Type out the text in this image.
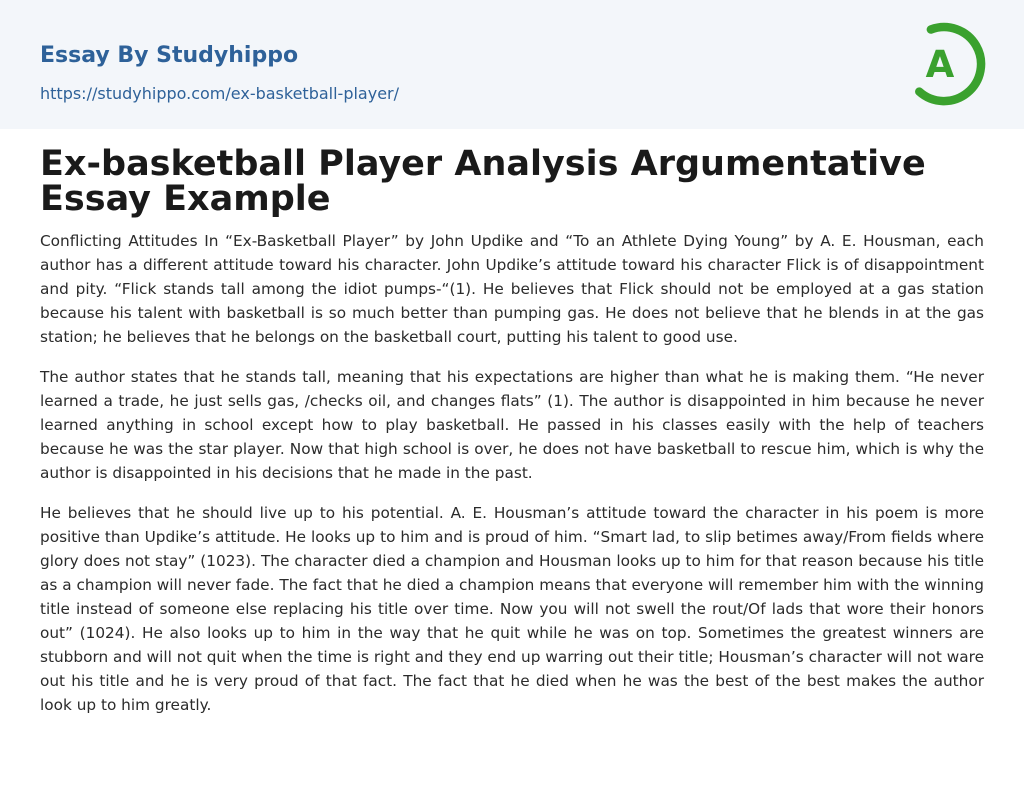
Essay By Studyhippo
https://studyhippo.com/ex-basketball-player/
A
Ex-basketball Player Analysis Argumentative Essay Example

Conflicting Attitudes In “Ex-Basketball Player” by John Updike and “To an Athlete Dying Young” by A. E. Housman, each author has a different attitude toward his character. John Updike’s attitude toward his character Flick is of disappointment and pity. “Flick stands tall among the idiot pumps-“(1). He believes that Flick should not be employed at a gas station because his talent with basketball is so much better than pumping gas. He does not believe that he blends in at the gas station; he believes that he belongs on the basketball court, putting his talent to good use.

The author states that he stands tall, meaning that his expectations are higher than what he is making them. “He never learned a trade, he just sells gas, /checks oil, and changes flats” (1). The author is disappointed in him because he never learned anything in school except how to play basketball. He passed in his classes easily with the help of teachers because he was the star player. Now that high school is over, he does not have basketball to rescue him, which is why the author is disappointed in his decisions that he made in the past.

He believes that he should live up to his potential. A. E. Housman’s attitude toward the character in his poem is more positive than Updike’s attitude. He looks up to him and is proud of him. “Smart lad, to slip betimes away/From fields where glory does not stay” (1023). The character died a champion and Housman looks up to him for that reason because his title as a champion will never fade. The fact that he died a champion means that everyone will remember him with the winning title instead of someone else replacing his title over time. Now you will not swell the rout/Of lads that wore their honors out” (1024). He also looks up to him in the way that he quit while he was on top. Sometimes the greatest winners are stubborn and will not quit when the time is right and they end up warring out their title; Housman’s character will not ware out his title and he is very proud of that fact. The fact that he died when he was the best of the best makes the author look up to him greatly.
